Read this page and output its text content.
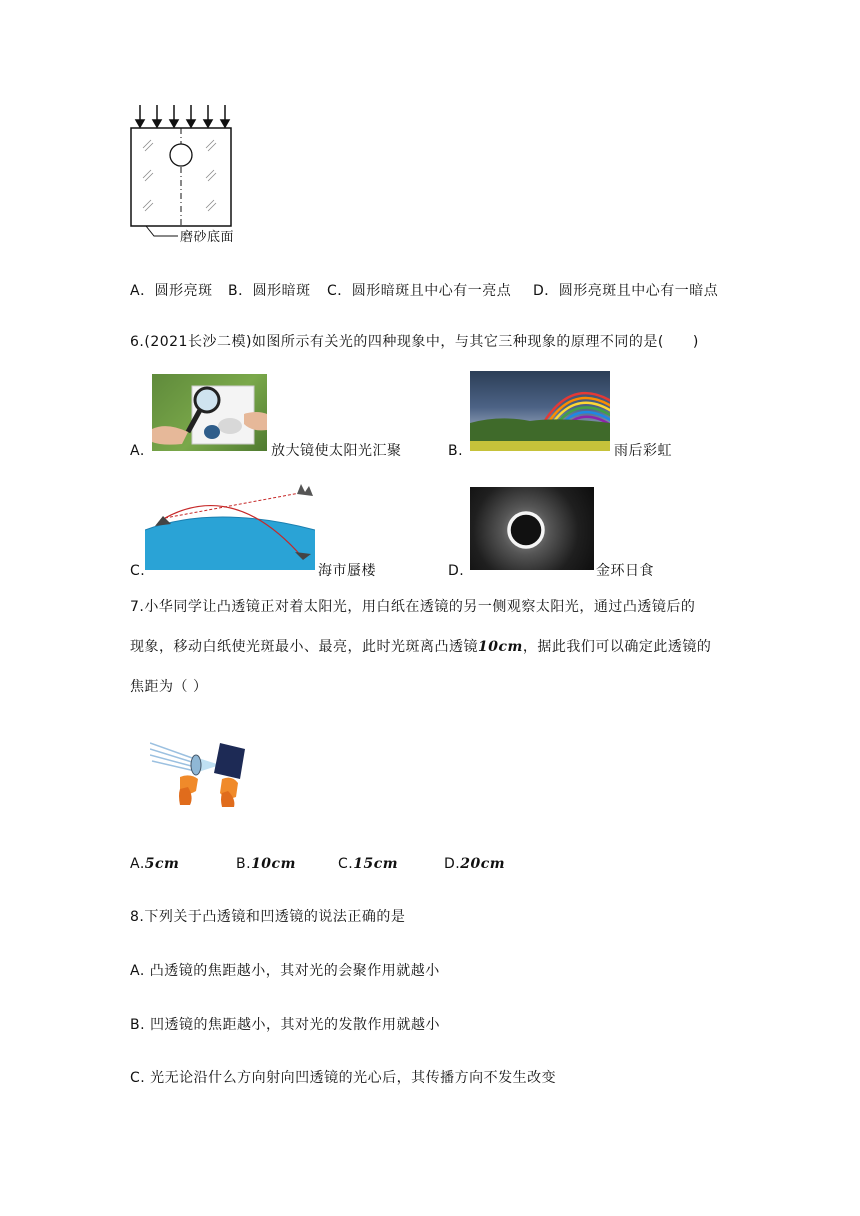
磨砂底面
A．圆形亮斑 B．圆形暗斑 C．圆形暗斑且中心有一亮点 D．圆形亮斑且中心有一暗点
6.(2021长沙二模)如图所示有关光的四种现象中，与其它三种现象的原理不同的是(　　)
A.	放大镜使太阳光汇聚	B.	雨后彩虹
C.	海市蜃楼	D.	金环日食
7.小华同学让凸透镜正对着太阳光，用白纸在透镜的另一侧观察太阳光，通过凸透镜后的
现象，移动白纸使光斑最小、最亮，此时光斑离凸透镜10cm，据此我们可以确定此透镜的
焦距为（ ）
A.5cm	B.10cm	C.15cm	D.20cm
8.下列关于凸透镜和凹透镜的说法正确的是
A. 凸透镜的焦距越小，其对光的会聚作用就越小
B. 凹透镜的焦距越小，其对光的发散作用就越小
C. 光无论沿什么方向射向凹透镜的光心后，其传播方向不发生改变
